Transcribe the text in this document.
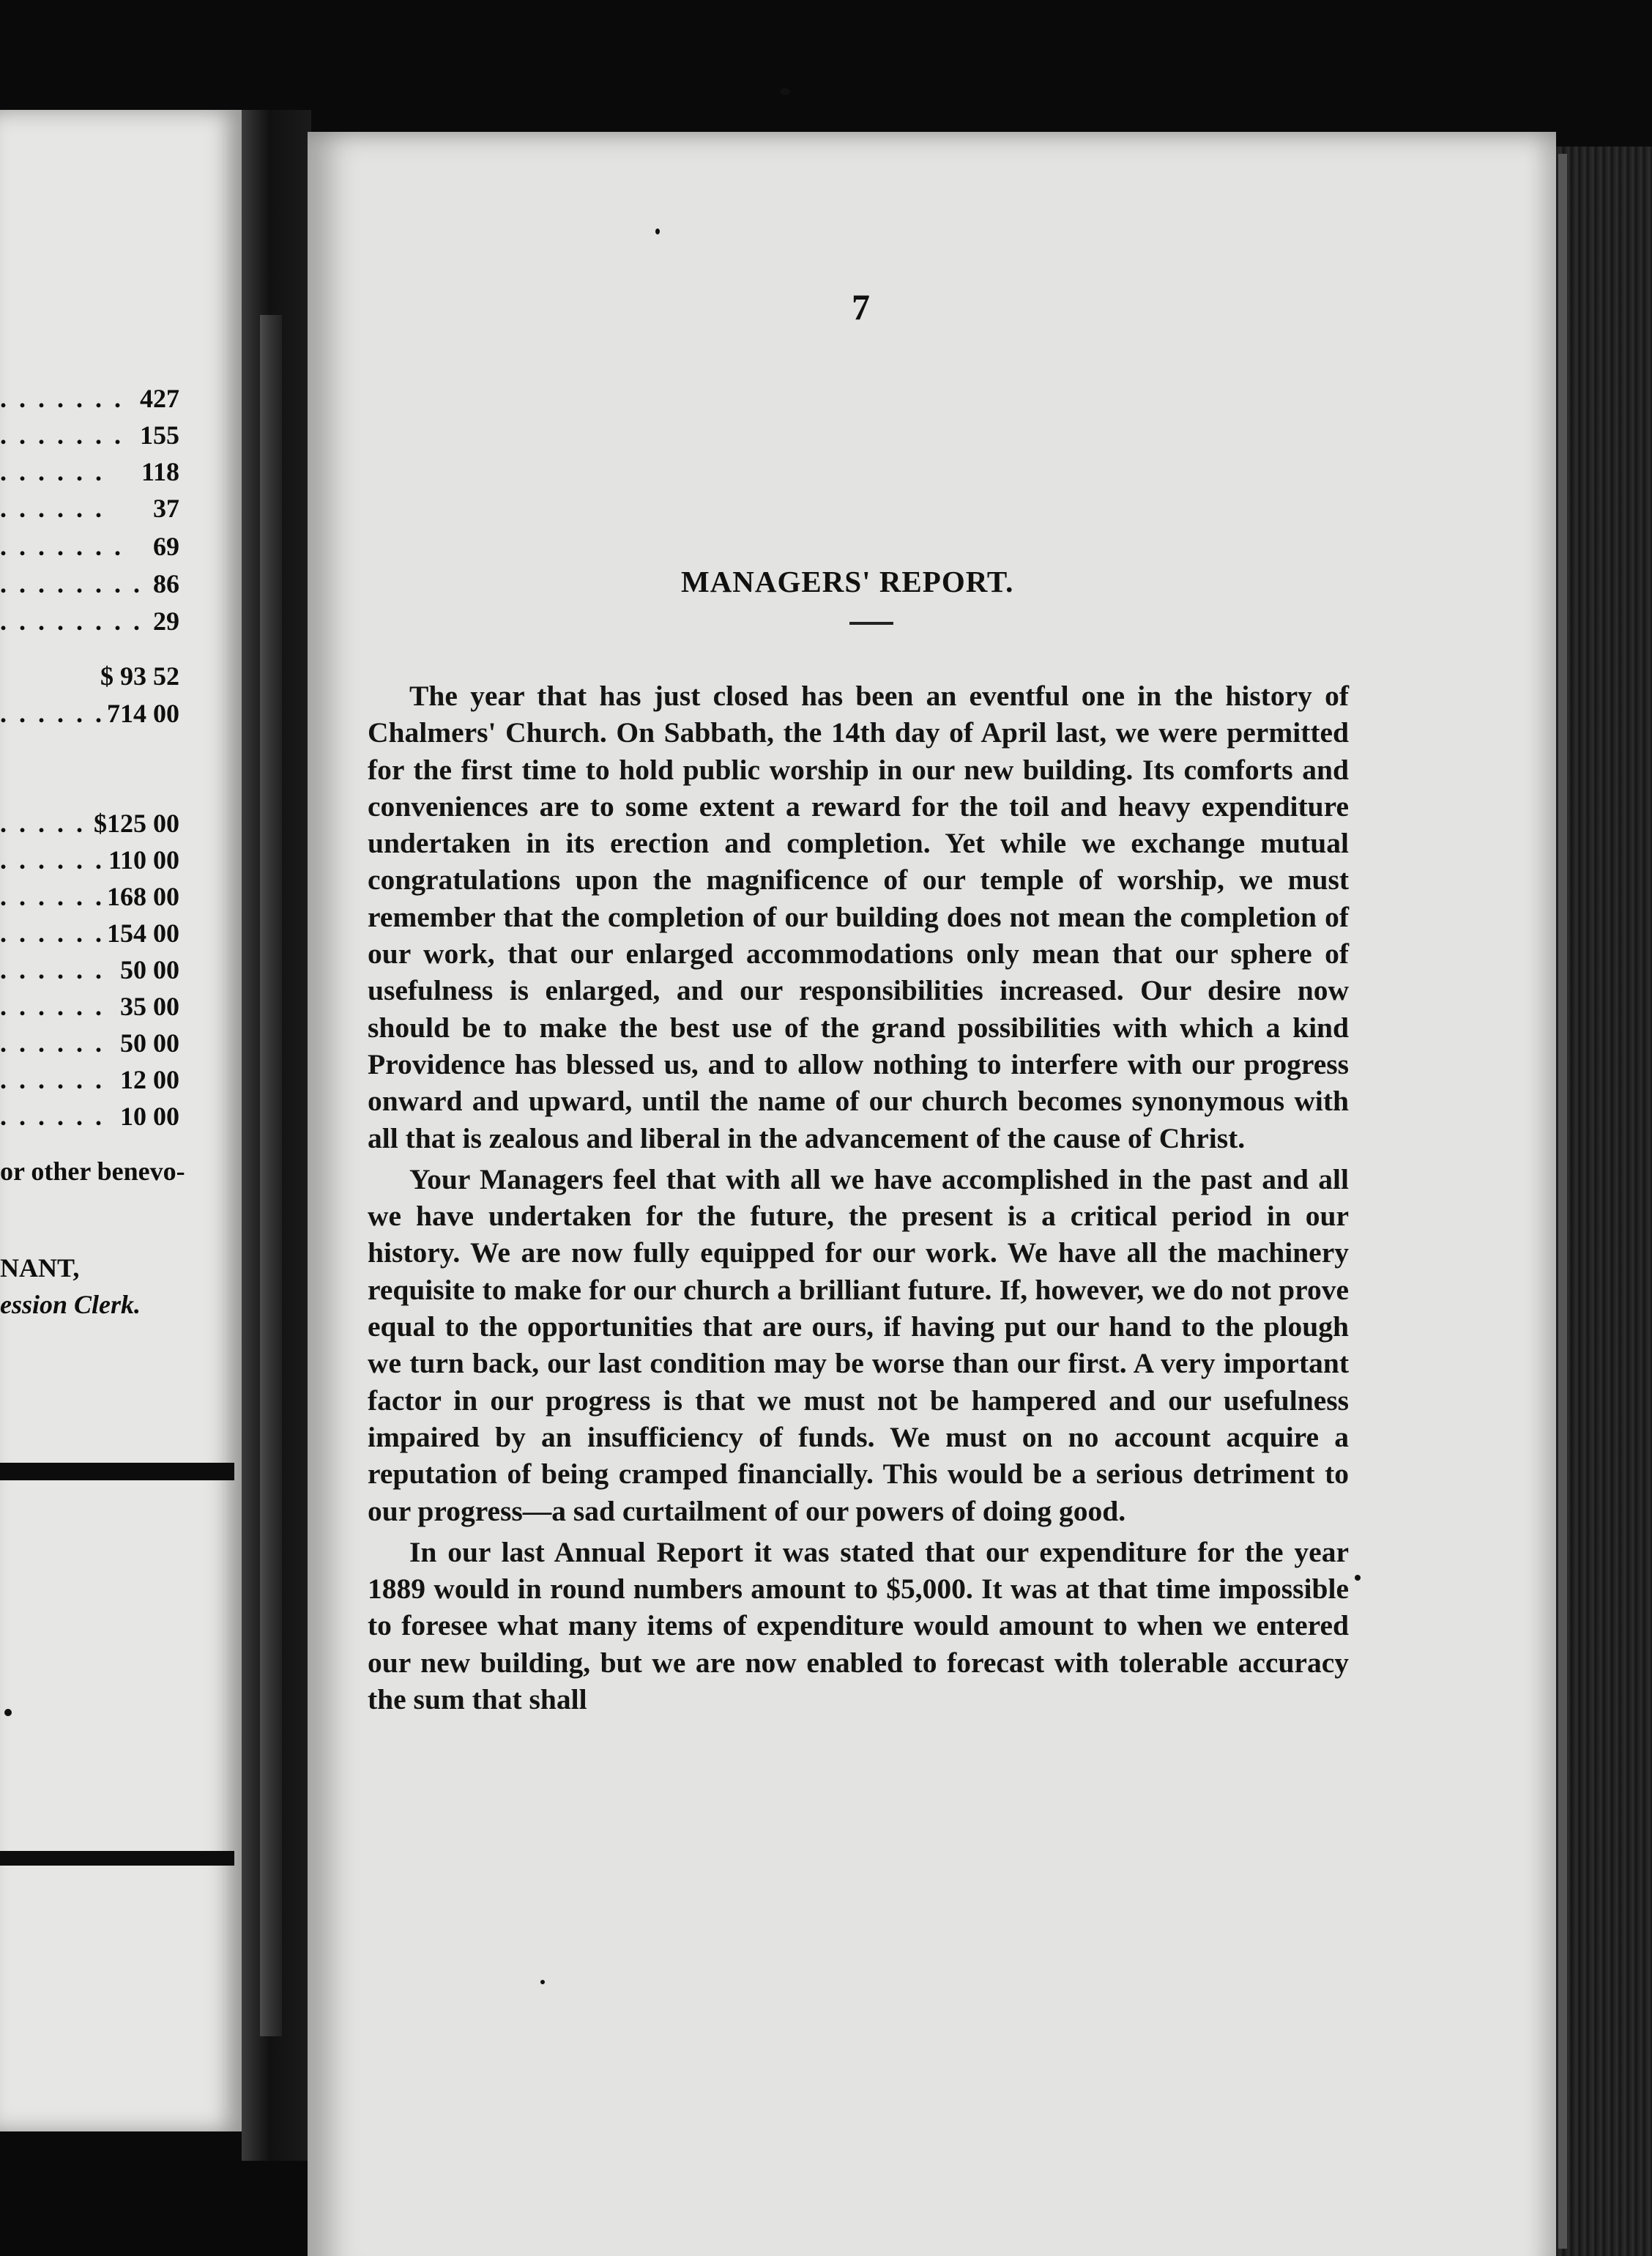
. . . . . . . 427
. . . . . . . 155
. . . . . . 118
. . . . . . 37
. . . . . . . 69
. . . . . . . . 86
. . . . . . . . 29
$ 93 52
. . . . . . 714 00
. . . . . $125 00
. . . . . . 110 00
. . . . . . 168 00
. . . . . . 154 00
. . . . . . 50 00
. . . . . . 35 00
. . . . . . 50 00
. . . . . . 12 00
. . . . . . 10 00
or other benevo-
NANT,
ession Clerk.
7
MANAGERS' REPORT.

The year that has just closed has been an eventful one in the history of Chalmers' Church. On Sabbath, the 14th day of April last, we were permitted for the first time to hold public worship in our new building. Its comforts and conveniences are to some extent a reward for the toil and heavy expenditure undertaken in its erection and completion. Yet while we exchange mutual congratulations upon the magnificence of our temple of worship, we must remember that the completion of our building does not mean the completion of our work, that our enlarged accommodations only mean that our sphere of usefulness is enlarged, and our responsibilities increased. Our desire now should be to make the best use of the grand possibilities with which a kind Providence has blessed us, and to allow nothing to interfere with our progress onward and upward, until the name of our church becomes synonymous with all that is zealous and liberal in the advancement of the cause of Christ.

Your Managers feel that with all we have accomplished in the past and all we have undertaken for the future, the present is a critical period in our history. We are now fully equipped for our work. We have all the machinery requisite to make for our church a brilliant future. If, however, we do not prove equal to the opportunities that are ours, if having put our hand to the plough we turn back, our last condition may be worse than our first. A very important factor in our progress is that we must not be hampered and our usefulness impaired by an insufficiency of funds. We must on no account acquire a reputation of being cramped financially. This would be a serious detriment to our progress—a sad curtailment of our powers of doing good.

In our last Annual Report it was stated that our expenditure for the year 1889 would in round numbers amount to $5,000. It was at that time impossible to foresee what many items of expenditure would amount to when we entered our new building, but we are now enabled to forecast with tolerable accuracy the sum that shall
